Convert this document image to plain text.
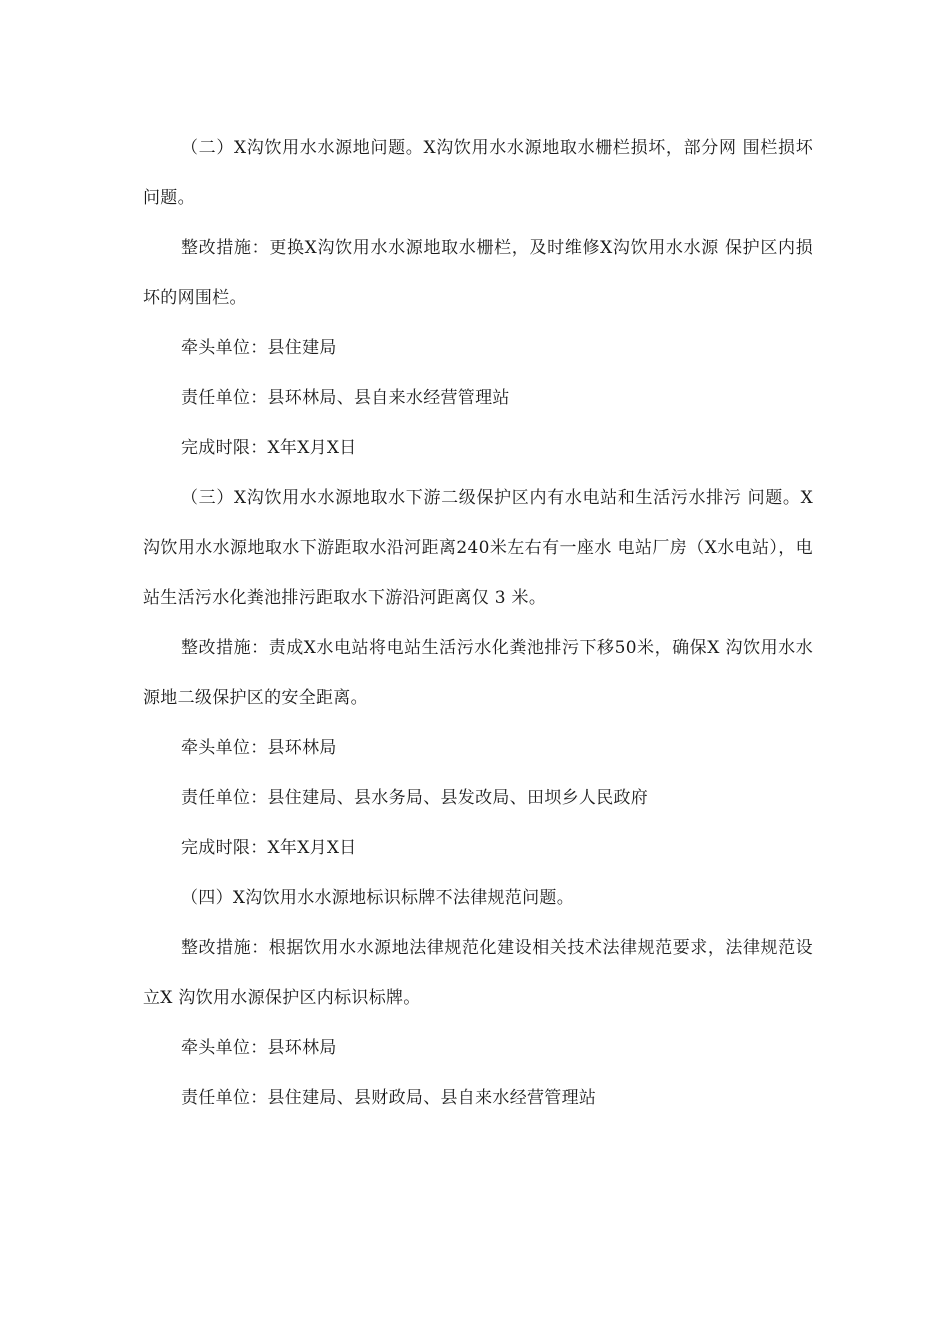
（二）X沟饮用水水源地问题。X沟饮用水水源地取水栅栏损坏，部分网 围栏损坏问题。

整改措施：更换X沟饮用水水源地取水栅栏，及时维修X沟饮用水水源 保护区内损坏的网围栏。

牵头单位：县住建局

责任单位：县环林局、县自来水经营管理站

完成时限：X年X月X日

（三）X沟饮用水水源地取水下游二级保护区内有水电站和生活污水排污 问题。X沟饮用水水源地取水下游距取水沿河距离240米左右有一座水 电站厂房（X水电站），电站生活污水化粪池排污距取水下游沿河距离仅 3 米。

整改措施：责成X水电站将电站生活污水化粪池排污下移50米，确保X 沟饮用水水源地二级保护区的安全距离。

牵头单位：县环林局

责任单位：县住建局、县水务局、县发改局、田坝乡人民政府

完成时限：X年X月X日

（四）X沟饮用水水源地标识标牌不法律规范问题。

整改措施：根据饮用水水源地法律规范化建设相关技术法律规范要求，法律规范设立X 沟饮用水源保护区内标识标牌。

牵头单位：县环林局

责任单位：县住建局、县财政局、县自来水经营管理站
